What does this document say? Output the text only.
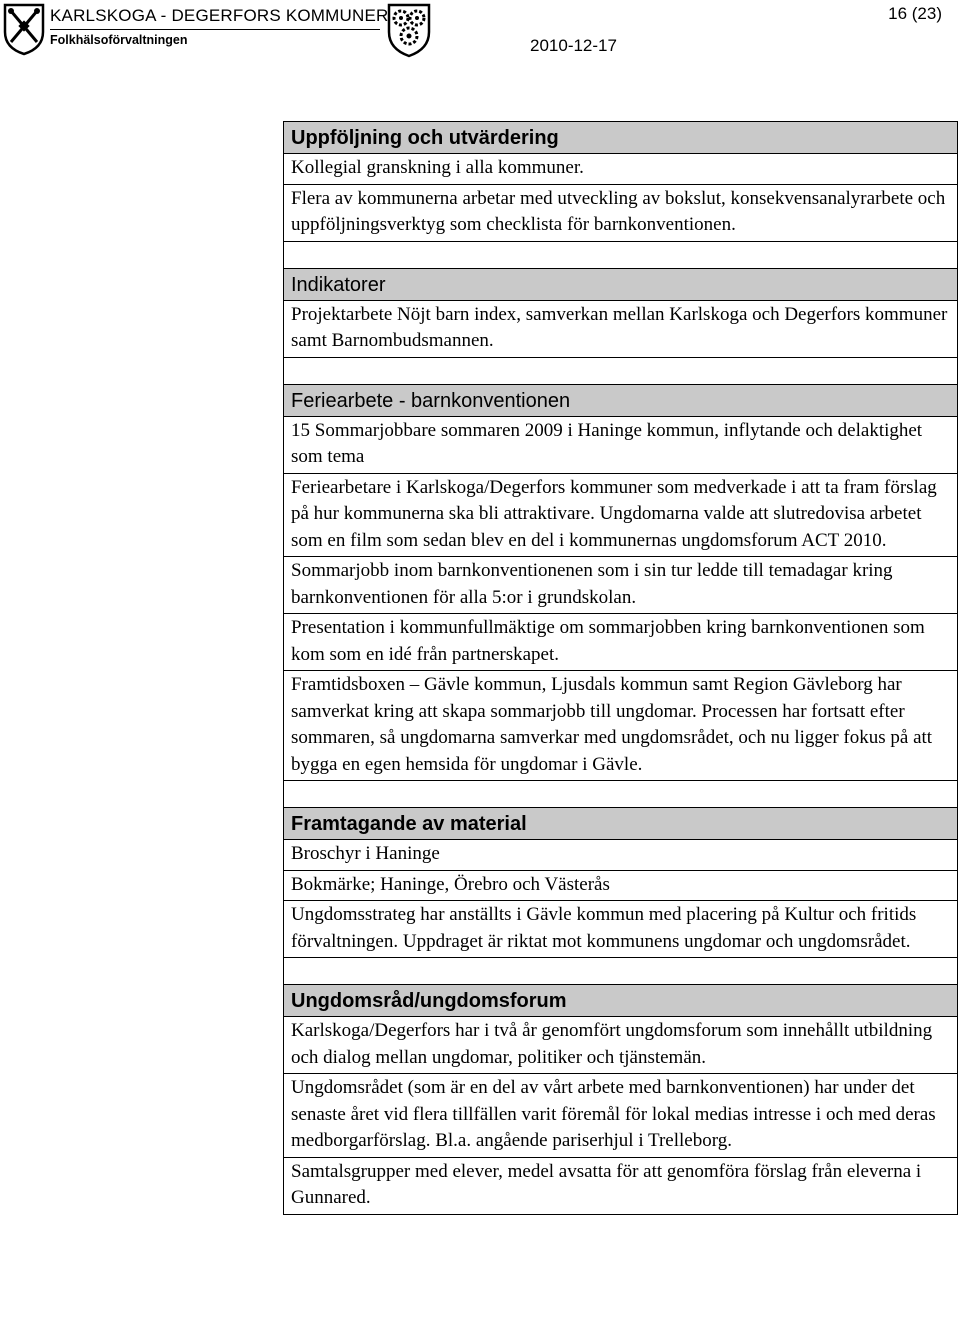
KARLSKOGA - DEGERFORS KOMMUNER
Folkhälsoförvaltningen
16 (23)
2010-12-17
Uppföljning och utvärdering
Kollegial granskning i alla kommuner.
Flera av kommunerna arbetar med utveckling av bokslut, konsekvensanalyrarbete och uppföljningsverktyg som checklista för barnkonventionen.
Indikatorer
Projektarbete Nöjt barn index, samverkan mellan Karlskoga och Degerfors kommuner samt Barnombudsmannen.
Feriearbete - barnkonventionen
15 Sommarjobbare sommaren 2009 i Haninge kommun, inflytande och delaktighet som tema
Feriearbetare i Karlskoga/Degerfors kommuner som medverkade i att ta fram förslag på hur kommunerna ska bli attraktivare. Ungdomarna valde att slutredovisa arbetet som en film som sedan blev en del i kommunernas ungdomsforum ACT 2010.
Sommarjobb inom barnkonventionenen som i sin tur ledde till temadagar kring barnkonventionen för alla 5:or i grundskolan.
Presentation i kommunfullmäktige om sommarjobben kring barnkonventionen som kom som en idé från partnerskapet.
Framtidsboxen – Gävle kommun, Ljusdals kommun samt Region Gävleborg har samverkat kring att skapa sommarjobb till ungdomar. Processen har fortsatt efter sommaren, så ungdomarna samverkar med ungdomsrådet, och nu ligger fokus på att bygga en egen hemsida för ungdomar i Gävle.
Framtagande av material
Broschyr i Haninge
Bokmärke; Haninge, Örebro och Västerås
Ungdomsstrateg har anställts i Gävle kommun med placering på Kultur och fritids förvaltningen. Uppdraget är riktat mot kommunens ungdomar och ungdomsrådet.
Ungdomsråd/ungdomsforum
Karlskoga/Degerfors har i två år genomfört ungdomsforum som innehållt utbildning och dialog mellan ungdomar, politiker och tjänstemän.
Ungdomsrådet (som är en del av vårt arbete med barnkonventionen) har under det senaste året vid flera tillfällen varit föremål för lokal medias intresse i och med deras medborgarförslag. Bl.a. angående pariserhjul i Trelleborg.
Samtalsgrupper med elever, medel avsatta för att genomföra förslag från eleverna i Gunnared.
